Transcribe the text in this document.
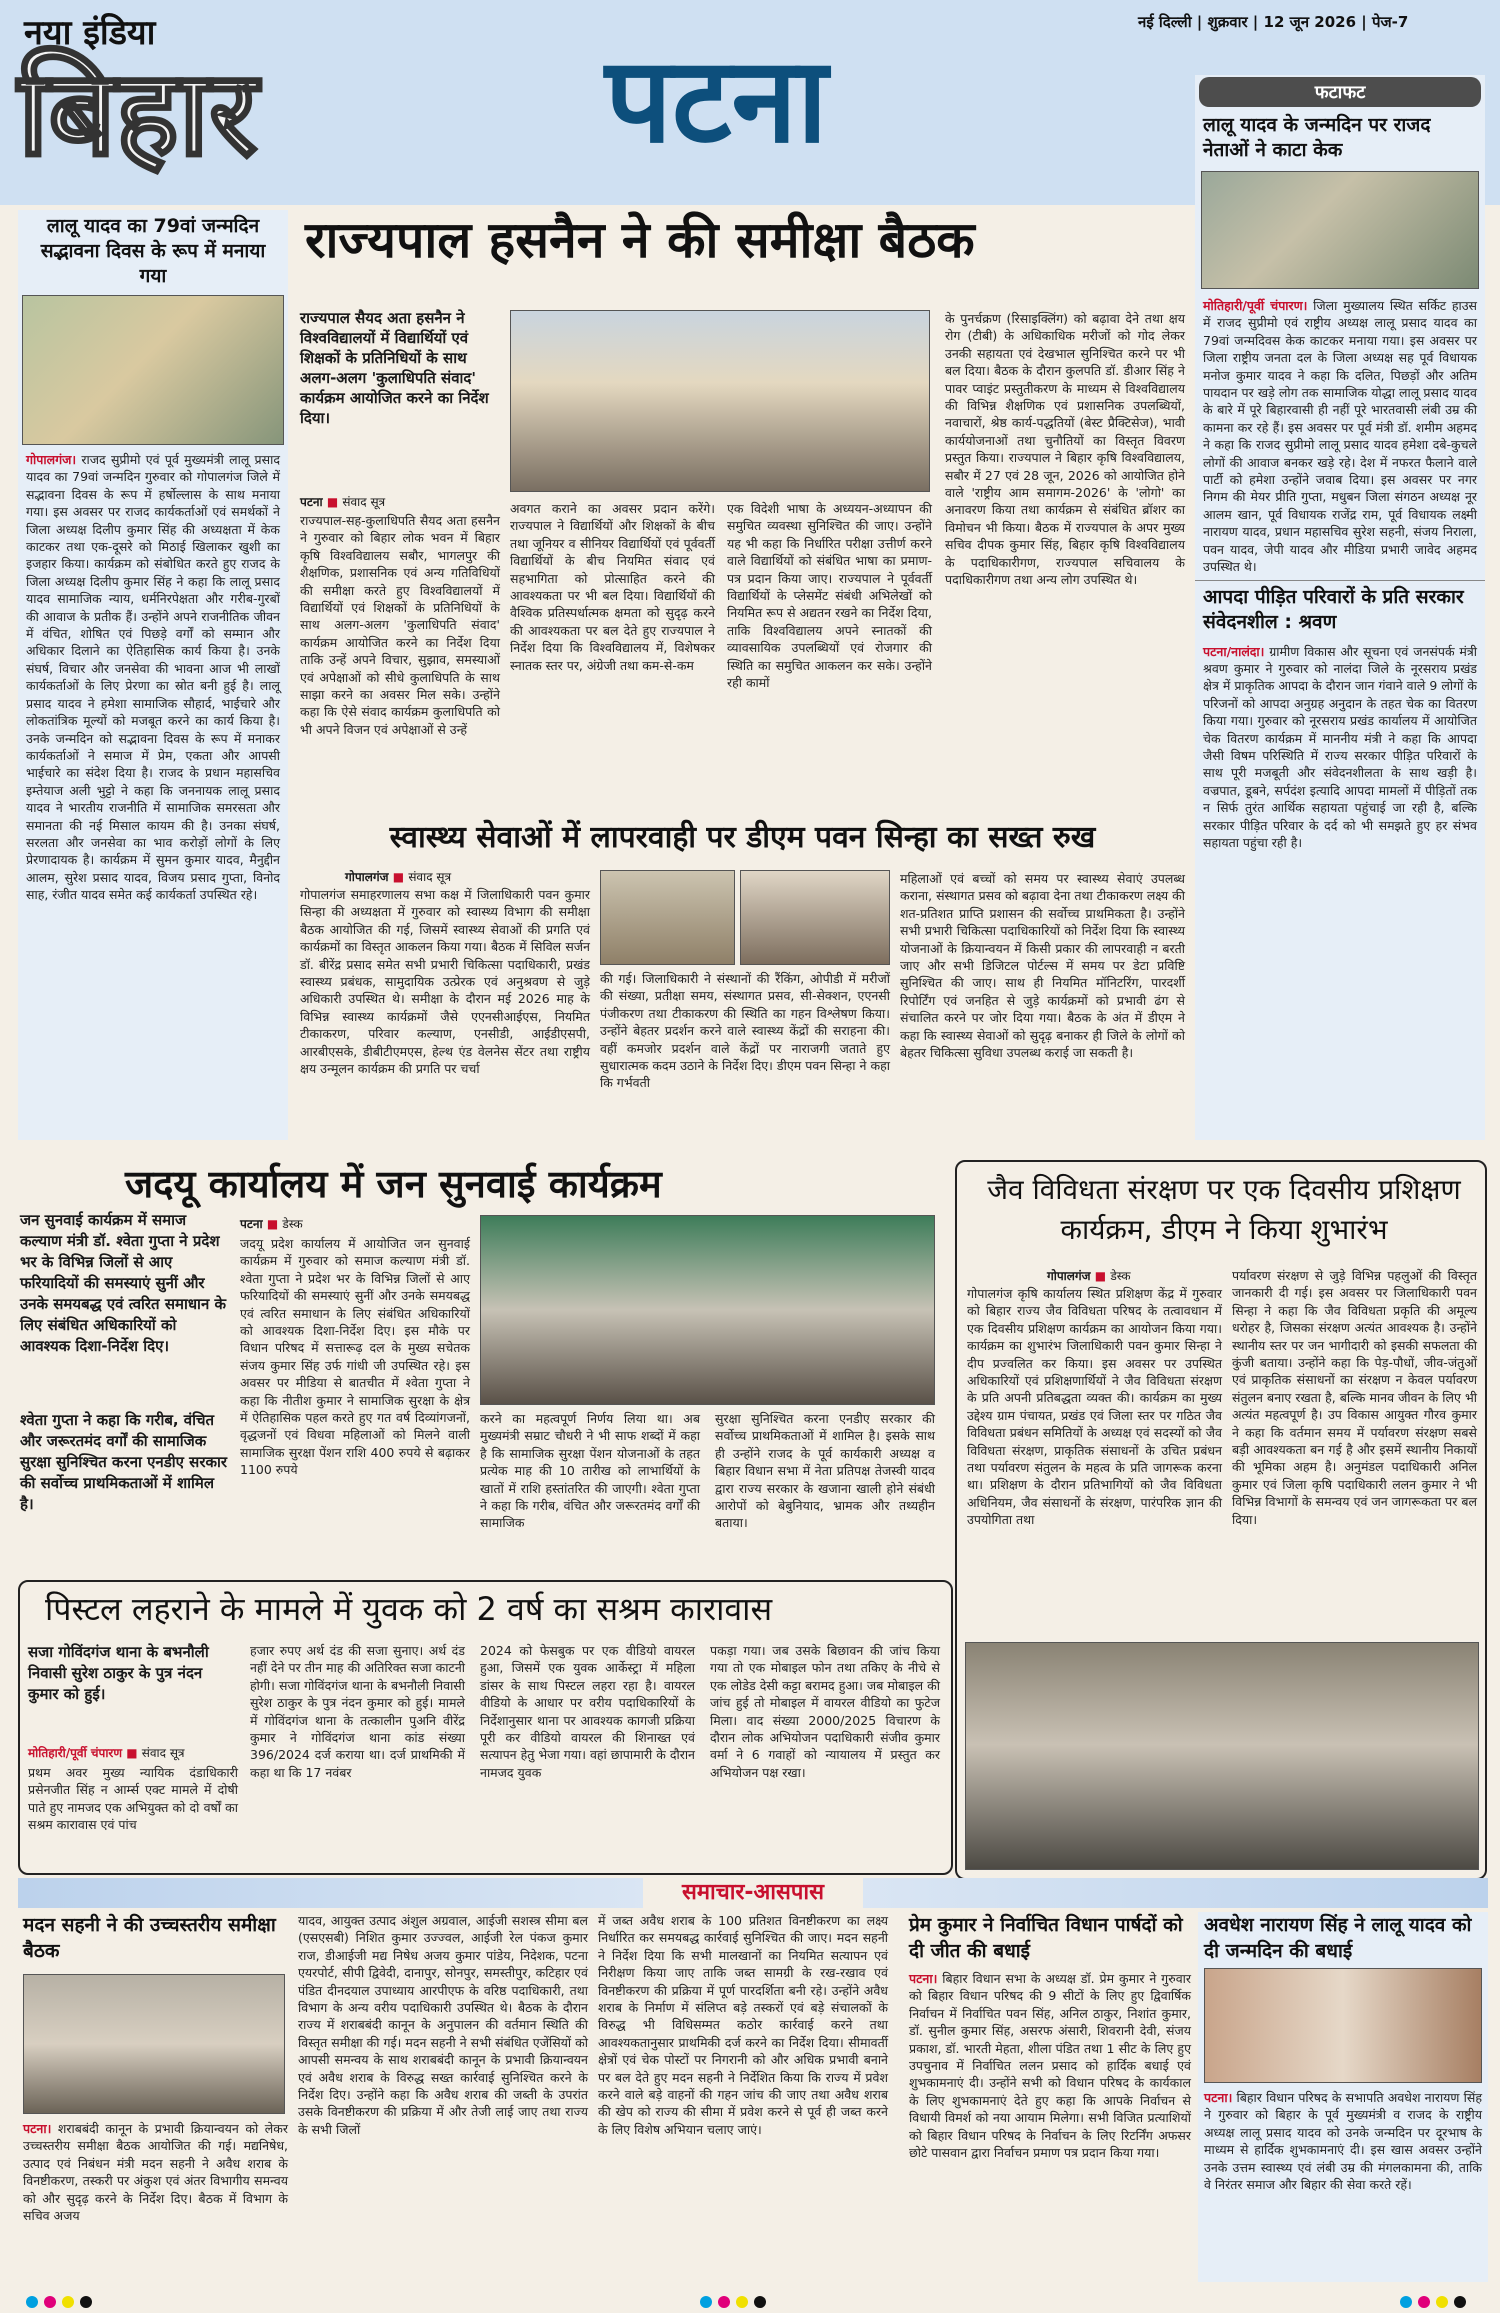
नया इंडिया
बिहार	पटना
नई दिल्ली | शुक्रवार | 12 जून 2026 | पेज-7
फटाफट
लालू यादव के जन्मदिन पर राजद नेताओं ने काटा केक
मोतिहारी/पूर्वी चंपारण। जिला मुख्यालय स्थित सर्किट हाउस में राजद सुप्रीमो एवं राष्ट्रीय अध्यक्ष लालू प्रसाद यादव का 79वां जन्मदिवस केक काटकर मनाया गया। इस अवसर पर जिला राष्ट्रीय जनता दल के जिला अध्यक्ष सह पूर्व विधायक मनोज कुमार यादव ने कहा कि दलित, पिछड़ों और अतिम पायदान पर खड़े लोग तक सामाजिक योद्धा लालू प्रसाद यादव के बारे में पूरे बिहारवासी ही नहीं पूरे भारतवासी लंबी उम्र की कामना कर रहे हैं। इस अवसर पर पूर्व मंत्री डॉ. शमीम अहमद ने कहा कि राजद सुप्रीमो लालू प्रसाद यादव हमेशा दबे-कुचले लोगों की आवाज बनकर खड़े रहे। देश में नफरत फैलाने वाले पार्टी को हमेशा उन्होंने जवाब दिया। इस अवसर पर नगर निगम की मेयर प्रीति गुप्ता, मधुबन जिला संगठन अध्यक्ष नूर आलम खान, पूर्व विधायक राजेंद्र राम, पूर्व विधायक लक्ष्मी नारायण यादव, प्रधान महासचिव सुरेश सहनी, संजय निराला, पवन यादव, जेपी यादव और मीडिया प्रभारी जावेद अहमद उपस्थित थे।
आपदा पीड़ित परिवारों के प्रति सरकार संवेदनशील : श्रवण
पटना/नालंदा। ग्रामीण विकास और सूचना एवं जनसंपर्क मंत्री श्रवण कुमार ने गुरुवार को नालंदा जिले के नूरसराय प्रखंड क्षेत्र में प्राकृतिक आपदा के दौरान जान गंवाने वाले 9 लोगों के परिजनों को आपदा अनुग्रह अनुदान के तहत चेक का वितरण किया गया। गुरुवार को नूरसराय प्रखंड कार्यालय में आयोजित चेक वितरण कार्यक्रम में माननीय मंत्री ने कहा कि आपदा जैसी विषम परिस्थिति में राज्य सरकार पीड़ित परिवारों के साथ पूरी मजबूती और संवेदनशीलता के साथ खड़ी है। वज्रपात, डूबने, सर्पदंश इत्यादि आपदा मामलों में पीड़ितों तक न सिर्फ तुरंत आर्थिक सहायता पहुंचाई जा रही है, बल्कि सरकार पीड़ित परिवार के दर्द को भी समझते हुए हर संभव सहायता पहुंचा रही है।
लालू यादव का 79वां जन्मदिन सद्भावना दिवस के रूप में मनाया गया
गोपालगंज। राजद सुप्रीमो एवं पूर्व मुख्यमंत्री लालू प्रसाद यादव का 79वां जन्मदिन गुरुवार को गोपालगंज जिले में सद्भावना दिवस के रूप में हर्षोल्लास के साथ मनाया गया। इस अवसर पर राजद कार्यकर्ताओं एवं समर्थकों ने जिला अध्यक्ष दिलीप कुमार सिंह की अध्यक्षता में केक काटकर तथा एक-दूसरे को मिठाई खिलाकर खुशी का इजहार किया। कार्यक्रम को संबोधित करते हुए राजद के जिला अध्यक्ष दिलीप कुमार सिंह ने कहा कि लालू प्रसाद यादव सामाजिक न्याय, धर्मनिरपेक्षता और गरीब-गुरबों की आवाज के प्रतीक हैं। उन्होंने अपने राजनीतिक जीवन में वंचित, शोषित एवं पिछड़े वर्गों को सम्मान और अधिकार दिलाने का ऐतिहासिक कार्य किया है। उनके संघर्ष, विचार और जनसेवा की भावना आज भी लाखों कार्यकर्ताओं के लिए प्रेरणा का स्रोत बनी हुई है। लालू प्रसाद यादव ने हमेशा सामाजिक सौहार्द, भाईचारे और लोकतांत्रिक मूल्यों को मजबूत करने का कार्य किया है। उनके जन्मदिन को सद्भावना दिवस के रूप में मनाकर कार्यकर्ताओं ने समाज में प्रेम, एकता और आपसी भाईचारे का संदेश दिया है। राजद के प्रधान महासचिव इम्तेयाज अली भुट्टो ने कहा कि जननायक लालू प्रसाद यादव ने भारतीय राजनीति में सामाजिक समरसता और समानता की नई मिसाल कायम की है। उनका संघर्ष, सरलता और जनसेवा का भाव करोड़ों लोगों के लिए प्रेरणादायक है। कार्यक्रम में सुमन कुमार यादव, मैनुद्दीन आलम, सुरेश प्रसाद यादव, विजय प्रसाद गुप्ता, विनोद साह, रंजीत यादव समेत कई कार्यकर्ता उपस्थित रहे।
राज्यपाल हसनैन ने की समीक्षा बैठक
राज्यपाल सैयद अता हसनैन ने विश्वविद्यालयों में विद्यार्थियों एवं शिक्षकों के प्रतिनिधियों के साथ अलग-अलग 'कुलाधिपति संवाद' कार्यक्रम आयोजित करने का निर्देश दिया।
पटना ■ संवाद सूत्र
राज्यपाल-सह-कुलाधिपति सैयद अता हसनैन ने गुरुवार को बिहार लोक भवन में बिहार कृषि विश्वविद्यालय सबौर, भागलपुर की शैक्षणिक, प्रशासनिक एवं अन्य गतिविधियों की समीक्षा करते हुए विश्वविद्यालयों में विद्यार्थियों एवं शिक्षकों के प्रतिनिधियों के साथ अलग-अलग 'कुलाधिपति संवाद' कार्यक्रम आयोजित करने का निर्देश दिया ताकि उन्हें अपने विचार, सुझाव, समस्याओं एवं अपेक्षाओं को सीधे कुलाधिपति के साथ साझा करने का अवसर मिल सके। उन्होंने कहा कि ऐसे संवाद कार्यक्रम कुलाधिपति को भी अपने विजन एवं अपेक्षाओं से उन्हें
अवगत कराने का अवसर प्रदान करेंगे। राज्यपाल ने विद्यार्थियों और शिक्षकों के बीच तथा जूनियर व सीनियर विद्यार्थियों एवं पूर्ववर्ती विद्यार्थियों के बीच नियमित संवाद एवं सहभागिता को प्रोत्साहित करने की आवश्यकता पर भी बल दिया। विद्यार्थियों की वैश्विक प्रतिस्पर्धात्मक क्षमता को सुदृढ़ करने की आवश्यकता पर बल देते हुए राज्यपाल ने निर्देश दिया कि विश्वविद्यालय में, विशेषकर स्नातक स्तर पर, अंग्रेजी तथा कम-से-कम
एक विदेशी भाषा के अध्ययन-अध्यापन की समुचित व्यवस्था सुनिश्चित की जाए। उन्होंने यह भी कहा कि निर्धारित परीक्षा उत्तीर्ण करने वाले विद्यार्थियों को संबंधित भाषा का प्रमाण-पत्र प्रदान किया जाए। राज्यपाल ने पूर्ववर्ती विद्यार्थियों के प्लेसमेंट संबंधी अभिलेखों को नियमित रूप से अद्यतन रखने का निर्देश दिया, ताकि विश्वविद्यालय अपने स्नातकों की व्यावसायिक उपलब्धियों एवं रोजगार की स्थिति का समुचित आकलन कर सके। उन्होंने रही कामों
के पुनर्चक्रण (रिसाइक्लिंग) को बढ़ावा देने तथा क्षय रोग (टीबी) के अधिकाधिक मरीजों को गोद लेकर उनकी सहायता एवं देखभाल सुनिश्चित करने पर भी बल दिया। बैठक के दौरान कुलपति डॉ. डीआर सिंह ने पावर प्वाइंट प्रस्तुतीकरण के माध्यम से विश्वविद्यालय की विभिन्न शैक्षणिक एवं प्रशासनिक उपलब्धियों, नवाचारों, श्रेष्ठ कार्य-पद्धतियों (बेस्ट प्रैक्टिसेज), भावी कार्ययोजनाओं तथा चुनौतियों का विस्तृत विवरण प्रस्तुत किया। राज्यपाल ने बिहार कृषि विश्वविद्यालय, सबौर में 27 एवं 28 जून, 2026 को आयोजित होने वाले 'राष्ट्रीय आम समागम-2026' के 'लोगो' का अनावरण किया तथा कार्यक्रम से संबंधित ब्रॉशर का विमोचन भी किया। बैठक में राज्यपाल के अपर मुख्य सचिव दीपक कुमार सिंह, बिहार कृषि विश्वविद्यालय के पदाधिकारीगण, राज्यपाल सचिवालय के पदाधिकारीगण तथा अन्य लोग उपस्थित थे।
स्वास्थ्य सेवाओं में लापरवाही पर डीएम पवन सिन्हा का सख्त रुख
गोपालगंज ■ संवाद सूत्र
गोपालगंज समाहरणालय सभा कक्ष में जिलाधिकारी पवन कुमार सिन्हा की अध्यक्षता में गुरुवार को स्वास्थ्य विभाग की समीक्षा बैठक आयोजित की गई, जिसमें स्वास्थ्य सेवाओं की प्रगति एवं कार्यक्रमों का विस्तृत आकलन किया गया। बैठक में सिविल सर्जन डॉ. बीरेंद्र प्रसाद समेत सभी प्रभारी चिकित्सा पदाधिकारी, प्रखंड स्वास्थ्य प्रबंधक, सामुदायिक उत्प्रेरक एवं अनुश्रवण से जुड़े अधिकारी उपस्थित थे। समीक्षा के दौरान मई 2026 माह के विभिन्न स्वास्थ्य कार्यक्रमों जैसे एएनसीआईएस, नियमित टीकाकरण, परिवार कल्याण, एनसीडी, आईडीएसपी, आरबीएसके, डीबीटीएमएस, हेल्थ एंड वेलनेस सेंटर तथा राष्ट्रीय क्षय उन्मूलन कार्यक्रम की प्रगति पर चर्चा
की गई। जिलाधिकारी ने संस्थानों की रैंकिंग, ओपीडी में मरीजों की संख्या, प्रतीक्षा समय, संस्थागत प्रसव, सी-सेक्शन, एएनसी पंजीकरण तथा टीकाकरण की स्थिति का गहन विश्लेषण किया। उन्होंने बेहतर प्रदर्शन करने वाले स्वास्थ्य केंद्रों की सराहना की। वहीं कमजोर प्रदर्शन वाले केंद्रों पर नाराजगी जताते हुए सुधारात्मक कदम उठाने के निर्देश दिए। डीएम पवन सिन्हा ने कहा कि गर्भवती
महिलाओं एवं बच्चों को समय पर स्वास्थ्य सेवाएं उपलब्ध कराना, संस्थागत प्रसव को बढ़ावा देना तथा टीकाकरण लक्ष्य की शत-प्रतिशत प्राप्ति प्रशासन की सर्वोच्च प्राथमिकता है। उन्होंने सभी प्रभारी चिकित्सा पदाधिकारियों को निर्देश दिया कि स्वास्थ्य योजनाओं के क्रियान्वयन में किसी प्रकार की लापरवाही न बरती जाए और सभी डिजिटल पोर्टल्स में समय पर डेटा प्रविष्टि सुनिश्चित की जाए। साथ ही नियमित मॉनिटरिंग, पारदर्शी रिपोर्टिंग एवं जनहित से जुड़े कार्यक्रमों को प्रभावी ढंग से संचालित करने पर जोर दिया गया। बैठक के अंत में डीएम ने कहा कि स्वास्थ्य सेवाओं को सुदृढ़ बनाकर ही जिले के लोगों को बेहतर चिकित्सा सुविधा उपलब्ध कराई जा सकती है।
जदयू कार्यालय में जन सुनवाई कार्यक्रम
जन सुनवाई कार्यक्रम में समाज कल्याण मंत्री डॉ. श्वेता गुप्ता ने प्रदेश भर के विभिन्न जिलों से आए फरियादियों की समस्याएं सुनीं और उनके समयबद्ध एवं त्वरित समाधान के लिए संबंधित अधिकारियों को आवश्यक दिशा-निर्देश दिए।
श्वेता गुप्ता ने कहा कि गरीब, वंचित और जरूरतमंद वर्गों की सामाजिक सुरक्षा सुनिश्चित करना एनडीए सरकार की सर्वोच्च प्राथमिकताओं में शामिल है।
पटना ■ डेस्क
जदयू प्रदेश कार्यालय में आयोजित जन सुनवाई कार्यक्रम में गुरुवार को समाज कल्याण मंत्री डॉ. श्वेता गुप्ता ने प्रदेश भर के विभिन्न जिलों से आए फरियादियों की समस्याएं सुनीं और उनके समयबद्ध एवं त्वरित समाधान के लिए संबंधित अधिकारियों को आवश्यक दिशा-निर्देश दिए। इस मौके पर विधान परिषद में सत्तारूढ़ दल के मुख्य सचेतक संजय कुमार सिंह उर्फ गांधी जी उपस्थित रहे। इस अवसर पर मीडिया से बातचीत में श्वेता गुप्ता ने कहा कि नीतीश कुमार ने सामाजिक सुरक्षा के क्षेत्र में ऐतिहासिक पहल करते हुए गत वर्ष दिव्यांगजनों, वृद्धजनों एवं विधवा महिलाओं को मिलने वाली सामाजिक सुरक्षा पेंशन राशि 400 रुपये से बढ़ाकर 1100 रुपये
करने का महत्वपूर्ण निर्णय लिया था। अब मुख्यमंत्री सम्राट चौधरी ने भी साफ शब्दों में कहा है कि सामाजिक सुरक्षा पेंशन योजनाओं के तहत प्रत्येक माह की 10 तारीख को लाभार्थियों के खातों में राशि हस्तांतरित की जाएगी। श्वेता गुप्ता ने कहा कि गरीब, वंचित और जरूरतमंद वर्गों की सामाजिक
सुरक्षा सुनिश्चित करना एनडीए सरकार की सर्वोच्च प्राथमिकताओं में शामिल है। इसके साथ ही उन्होंने राजद के पूर्व कार्यकारी अध्यक्ष व बिहार विधान सभा में नेता प्रतिपक्ष तेजस्वी यादव द्वारा राज्य सरकार के खजाना खाली होने संबंधी आरोपों को बेबुनियाद, भ्रामक और तथ्यहीन बताया।
जैव विविधता संरक्षण पर एक दिवसीय प्रशिक्षण कार्यक्रम, डीएम ने किया शुभारंभ
गोपालगंज ■ डेस्क
गोपालगंज कृषि कार्यालय स्थित प्रशिक्षण केंद्र में गुरुवार को बिहार राज्य जैव विविधता परिषद के तत्वावधान में एक दिवसीय प्रशिक्षण कार्यक्रम का आयोजन किया गया। कार्यक्रम का शुभारंभ जिलाधिकारी पवन कुमार सिन्हा ने दीप प्रज्वलित कर किया। इस अवसर पर उपस्थित अधिकारियों एवं प्रशिक्षणार्थियों ने जैव विविधता संरक्षण के प्रति अपनी प्रतिबद्धता व्यक्त की। कार्यक्रम का मुख्य उद्देश्य ग्राम पंचायत, प्रखंड एवं जिला स्तर पर गठित जैव विविधता प्रबंधन समितियों के अध्यक्ष एवं सदस्यों को जैव विविधता संरक्षण, प्राकृतिक संसाधनों के उचित प्रबंधन तथा पर्यावरण संतुलन के महत्व के प्रति जागरूक करना था। प्रशिक्षण के दौरान प्रतिभागियों को जैव विविधता अधिनियम, जैव संसाधनों के संरक्षण, पारंपरिक ज्ञान की उपयोगिता तथा
पर्यावरण संरक्षण से जुड़े विभिन्न पहलुओं की विस्तृत जानकारी दी गई। इस अवसर पर जिलाधिकारी पवन सिन्हा ने कहा कि जैव विविधता प्रकृति की अमूल्य धरोहर है, जिसका संरक्षण अत्यंत आवश्यक है। उन्होंने स्थानीय स्तर पर जन भागीदारी को इसकी सफलता की कुंजी बताया। उन्होंने कहा कि पेड़-पौधों, जीव-जंतुओं एवं प्राकृतिक संसाधनों का संरक्षण न केवल पर्यावरण संतुलन बनाए रखता है, बल्कि मानव जीवन के लिए भी अत्यंत महत्वपूर्ण है। उप विकास आयुक्त गौरव कुमार ने कहा कि वर्तमान समय में पर्यावरण संरक्षण सबसे बड़ी आवश्यकता बन गई है और इसमें स्थानीय निकायों की भूमिका अहम है। अनुमंडल पदाधिकारी अनिल कुमार एवं जिला कृषि पदाधिकारी ललन कुमार ने भी विभिन्न विभागों के समन्वय एवं जन जागरूकता पर बल दिया।
पिस्टल लहराने के मामले में युवक को 2 वर्ष का सश्रम कारावास
सजा गोविंदगंज थाना के बभनौली निवासी सुरेश ठाकुर के पुत्र नंदन कुमार को हुई।
मोतिहारी/पूर्वी चंपारण ■ संवाद सूत्र
प्रथम अवर मुख्य न्यायिक दंडाधिकारी प्रसेनजीत सिंह न आर्म्स एक्ट मामले में दोषी पाते हुए नामजद एक अभियुक्त को दो वर्षों का सश्रम कारावास एवं पांच
हजार रुपए अर्थ दंड की सजा सुनाए। अर्थ दंड नहीं देने पर तीन माह की अतिरिक्त सजा काटनी होगी। सजा गोविंदगंज थाना के बभनौली निवासी सुरेश ठाकुर के पुत्र नंदन कुमार को हुई। मामले में गोविंदगंज थाना के तत्कालीन पुअनि वीरेंद्र कुमार ने गोविंदगंज थाना कांड संख्या 396/2024 दर्ज कराया था। दर्ज प्राथमिकी में कहा था कि 17 नवंबर
2024 को फेसबुक पर एक वीडियो वायरल हुआ, जिसमें एक युवक आर्केस्ट्रा में महिला डांसर के साथ पिस्टल लहरा रहा है। वायरल वीडियो के आधार पर वरीय पदाधिकारियों के निर्देशानुसार थाना पर आवश्यक कागजी प्रक्रिया पूरी कर वीडियो वायरल की शिनाख्त एवं सत्यापन हेतु भेजा गया। वहां छापामारी के दौरान नामजद युवक
पकड़ा गया। जब उसके बिछावन की जांच किया गया तो एक मोबाइल फोन तथा तकिए के नीचे से एक लोडेड देसी कट्टा बरामद हुआ। जब मोबाइल की जांच हुई तो मोबाइल में वायरल वीडियो का फुटेज मिला। वाद संख्या 2000/2025 विचारण के दौरान लोक अभियोजन पदाधिकारी संजीव कुमार वर्मा ने 6 गवाहों को न्यायालय में प्रस्तुत कर अभियोजन पक्ष रखा।
समाचार-आसपास
मदन सहनी ने की उच्चस्तरीय समीक्षा बैठक
पटना। शराबबंदी कानून के प्रभावी क्रियान्वयन को लेकर उच्चस्तरीय समीक्षा बैठक आयोजित की गई। मद्यनिषेध, उत्पाद एवं निबंधन मंत्री मदन सहनी ने अवैध शराब के विनष्टीकरण, तस्करी पर अंकुश एवं अंतर विभागीय समन्वय को और सुदृढ़ करने के निर्देश दिए। बैठक में विभाग के सचिव अजय
यादव, आयुक्त उत्पाद अंशुल अग्रवाल, आईजी सशस्त्र सीमा बल (एसएसबी) निशित कुमार उज्ज्वल, आईजी रेल पंकज कुमार राज, डीआईजी मद्य निषेध अजय कुमार पांडेय, निदेशक, पटना एयरपोर्ट, सीपी द्विवेदी, दानापुर, सोनपुर, समस्तीपुर, कटिहार एवं पंडित दीनदयाल उपाध्याय आरपीएफ के वरिष्ठ पदाधिकारी, तथा विभाग के अन्य वरीय पदाधिकारी उपस्थित थे। बैठक के दौरान राज्य में शराबबंदी कानून के अनुपालन की वर्तमान स्थिति की विस्तृत समीक्षा की गई। मदन सहनी ने सभी संबंधित एजेंसियों को आपसी समन्वय के साथ शराबबंदी कानून के प्रभावी क्रियान्वयन एवं अवैध शराब के विरुद्ध सख्त कार्रवाई सुनिश्चित करने के निर्देश दिए। उन्होंने कहा कि अवैध शराब की जब्ती के उपरांत उसके विनष्टीकरण की प्रक्रिया में और तेजी लाई जाए तथा राज्य के सभी जिलों
में जब्त अवैध शराब के 100 प्रतिशत विनष्टीकरण का लक्ष्य निर्धारित कर समयबद्ध कार्रवाई सुनिश्चित की जाए। मदन सहनी ने निर्देश दिया कि सभी मालखानों का नियमित सत्यापन एवं निरीक्षण किया जाए ताकि जब्त सामग्री के रख-रखाव एवं विनष्टीकरण की प्रक्रिया में पूर्ण पारदर्शिता बनी रहे। उन्होंने अवैध शराब के निर्माण में संलिप्त बड़े तस्करों एवं बड़े संचालकों के विरुद्ध भी विधिसम्मत कठोर कार्रवाई करने तथा आवश्यकतानुसार प्राथमिकी दर्ज करने का निर्देश दिया। सीमावर्ती क्षेत्रों एवं चेक पोस्टों पर निगरानी को और अधिक प्रभावी बनाने पर बल देते हुए मदन सहनी ने निर्देशित किया कि राज्य में प्रवेश करने वाले बड़े वाहनों की गहन जांच की जाए तथा अवैध शराब की खेप को राज्य की सीमा में प्रवेश करने से पूर्व ही जब्त करने के लिए विशेष अभियान चलाए जाएं।
प्रेम कुमार ने निर्वाचित विधान पार्षदों को दी जीत की बधाई
पटना। बिहार विधान सभा के अध्यक्ष डॉ. प्रेम कुमार ने गुरुवार को बिहार विधान परिषद की 9 सीटों के लिए हुए द्विवार्षिक निर्वाचन में निर्वाचित पवन सिंह, अनिल ठाकुर, निशांत कुमार, डॉ. सुनील कुमार सिंह, असरफ अंसारी, शिवरानी देवी, संजय प्रकाश, डॉ. भारती मेहता, शीला पंडित तथा 1 सीट के लिए हुए उपचुनाव में निर्वाचित ललन प्रसाद को हार्दिक बधाई एवं शुभकामनाएं दी। उन्होंने सभी को विधान परिषद के कार्यकाल के लिए शुभकामनाएं देते हुए कहा कि आपके निर्वाचन से विधायी विमर्श को नया आयाम मिलेगा। सभी विजित प्रत्याशियों को बिहार विधान परिषद के निर्वाचन के लिए रिटर्निंग अफसर छोटे पासवान द्वारा निर्वाचन प्रमाण पत्र प्रदान किया गया।
अवधेश नारायण सिंह ने लालू यादव को दी जन्मदिन की बधाई
पटना। बिहार विधान परिषद के सभापति अवधेश नारायण सिंह ने गुरुवार को बिहार के पूर्व मुख्यमंत्री व राजद के राष्ट्रीय अध्यक्ष लालू प्रसाद यादव को उनके जन्मदिन पर दूरभाष के माध्यम से हार्दिक शुभकामनाएं दी। इस खास अवसर उन्होंने उनके उत्तम स्वास्थ्य एवं लंबी उम्र की मंगलकामना की, ताकि वे निरंतर समाज और बिहार की सेवा करते रहें।
